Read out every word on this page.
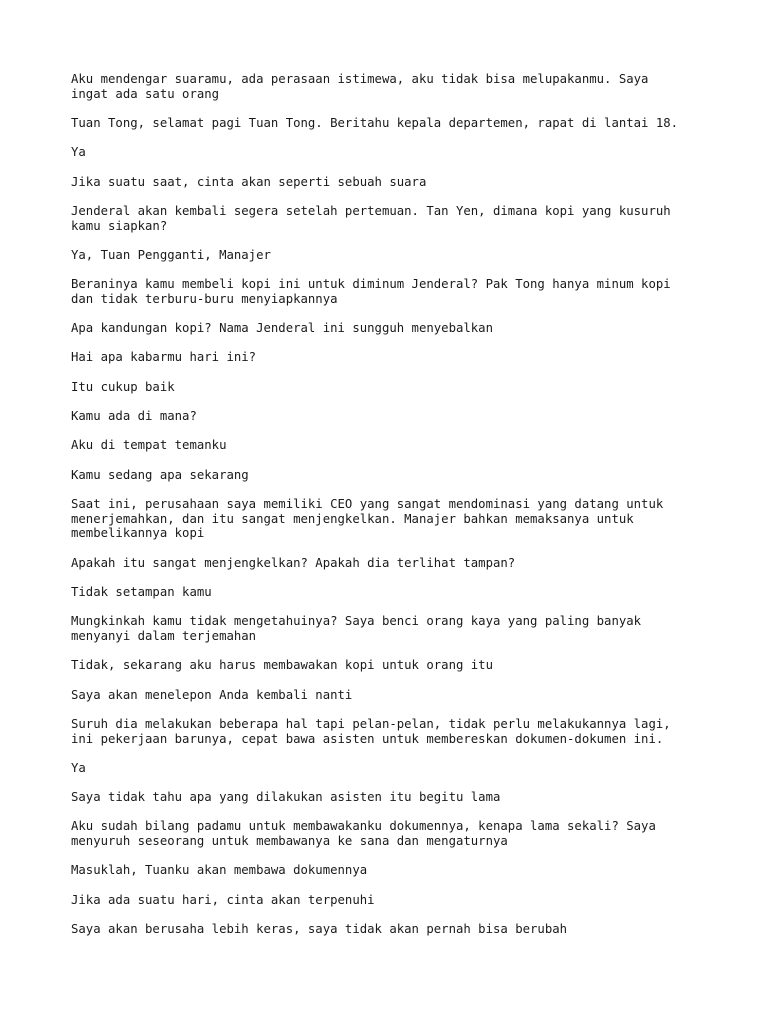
Aku mendengar suaramu, ada perasaan istimewa, aku tidak bisa melupakanmu. Saya
ingat ada satu orang

Tuan Tong, selamat pagi Tuan Tong. Beritahu kepala departemen, rapat di lantai 18.

Ya

Jika suatu saat, cinta akan seperti sebuah suara

Jenderal akan kembali segera setelah pertemuan. Tan Yen, dimana kopi yang kusuruh
kamu siapkan?

Ya, Tuan Pengganti, Manajer

Beraninya kamu membeli kopi ini untuk diminum Jenderal? Pak Tong hanya minum kopi
dan tidak terburu-buru menyiapkannya

Apa kandungan kopi? Nama Jenderal ini sungguh menyebalkan

Hai apa kabarmu hari ini?

Itu cukup baik

Kamu ada di mana?

Aku di tempat temanku

Kamu sedang apa sekarang

Saat ini, perusahaan saya memiliki CEO yang sangat mendominasi yang datang untuk
menerjemahkan, dan itu sangat menjengkelkan. Manajer bahkan memaksanya untuk
membelikannya kopi

Apakah itu sangat menjengkelkan? Apakah dia terlihat tampan?

Tidak setampan kamu

Mungkinkah kamu tidak mengetahuinya? Saya benci orang kaya yang paling banyak
menyanyi dalam terjemahan

Tidak, sekarang aku harus membawakan kopi untuk orang itu

Saya akan menelepon Anda kembali nanti

Suruh dia melakukan beberapa hal tapi pelan-pelan, tidak perlu melakukannya lagi,
ini pekerjaan barunya, cepat bawa asisten untuk membereskan dokumen-dokumen ini.

Ya

Saya tidak tahu apa yang dilakukan asisten itu begitu lama

Aku sudah bilang padamu untuk membawakanku dokumennya, kenapa lama sekali? Saya
menyuruh seseorang untuk membawanya ke sana dan mengaturnya

Masuklah, Tuanku akan membawa dokumennya

Jika ada suatu hari, cinta akan terpenuhi

Saya akan berusaha lebih keras, saya tidak akan pernah bisa berubah
